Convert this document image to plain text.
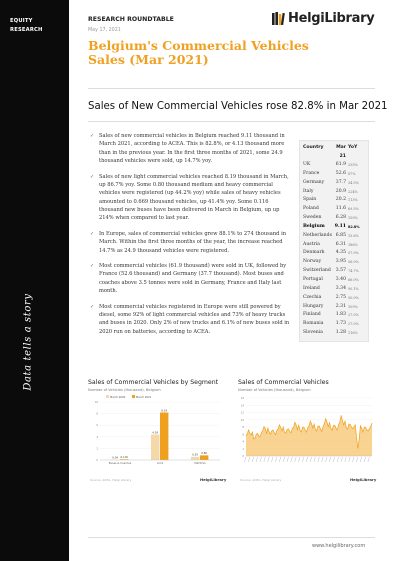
EQUITY
RESEARCH
Data tells a story
RESEARCH ROUNDTABLE
May 17, 2021
HelgiLibrary
Belgium's Commercial Vehicles Sales (Mar 2021)
Sales of New Commercial Vehicles rose 82.8% in Mar 2021
✓ Sales of new commercial vehicles in Belgium reached 9.11 thousand in March 2021, according to ACEA. This is 82.8%, or 4.13 thousand more than in the previous year. In the first three months of 2021, some 24.9 thousand vehicles were sold, up 14.7% yoy.
✓ Sales of new light commercial vehicles reached 8.19 thousand in March, up 86.7% yoy. Some 0.80 thousand medium and heavy commercial vehicles were registered (up 44.2% yoy) while sales of heavy vehicles amounted to 0.669 thousand vehicles, up 41.4% yoy. Some 0.116 thousand new buses have been delivered in March in Belgium, up up 214% when compared to last year.
✓ In Europe, sales of commercial vehicles grew 88.1% to 274 thousand in March. Within the first three months of the year, the increase reached 14.7% as 24.9 thousand vehicles were registered.
✓ Most commercial vehicles (61.9 thousand) were sold in UK, followed by France (52.6 thousand) and Germany (37.7 thousand). Most buses and coaches above 3.5 tonnes were sold in Germany, France and Italy last month.
✓ Most commercial vehicles registered in Europe were still powered by diesel, some 92% of light commercial vehicles and 73% of heavy trucks and buses in 2020. Only 2% of new trucks and 6.1% of new buses sold in 2020 run on batteries, according to ACEA.
Country	Mar 21
YoY
UK	61.9 335%
France	52.6 87%
Germany	37.7 34.5%
Italy	20.9 224%
Spain	20.2 113%
Poland	11.6 69.5%
Sweden	6.28 159%
Belgium	9.11 82.8%
Netherlands 6.85 15.6%
Austria	6.31 186%
Denmark	4.35 57.9%
Norway	3.95 56.0%
Switzerland	3.57 74.7%
Portugal	3.40 66.0%
Ireland	3.34 90.1%
Czechia	2.75 50.0%
Hungary	2.31 109%
Finland	1.83 27.0%
Romania	1.73 27.0%
Slovenia	1.28 116%
Sales of Commercial Vehicles by Segment
Number of Vehicles (thousand), Belgium
March 2020	March 2021
0
2
4
6
8
10
0.04 0.116
Buses & Coaches
4.39
8.19
LCVs
0.55 0.80
M&HCVs
Source: ACEA, Helgi Library	HelgiLibrary
Sales of Commercial Vehicles
Number of Vehicles (thousand), Belgium
0
2
4
6
8
10
12
14
16
Source: ACEA, Helgi Library	HelgiLibrary
www.helgilibrary.com
